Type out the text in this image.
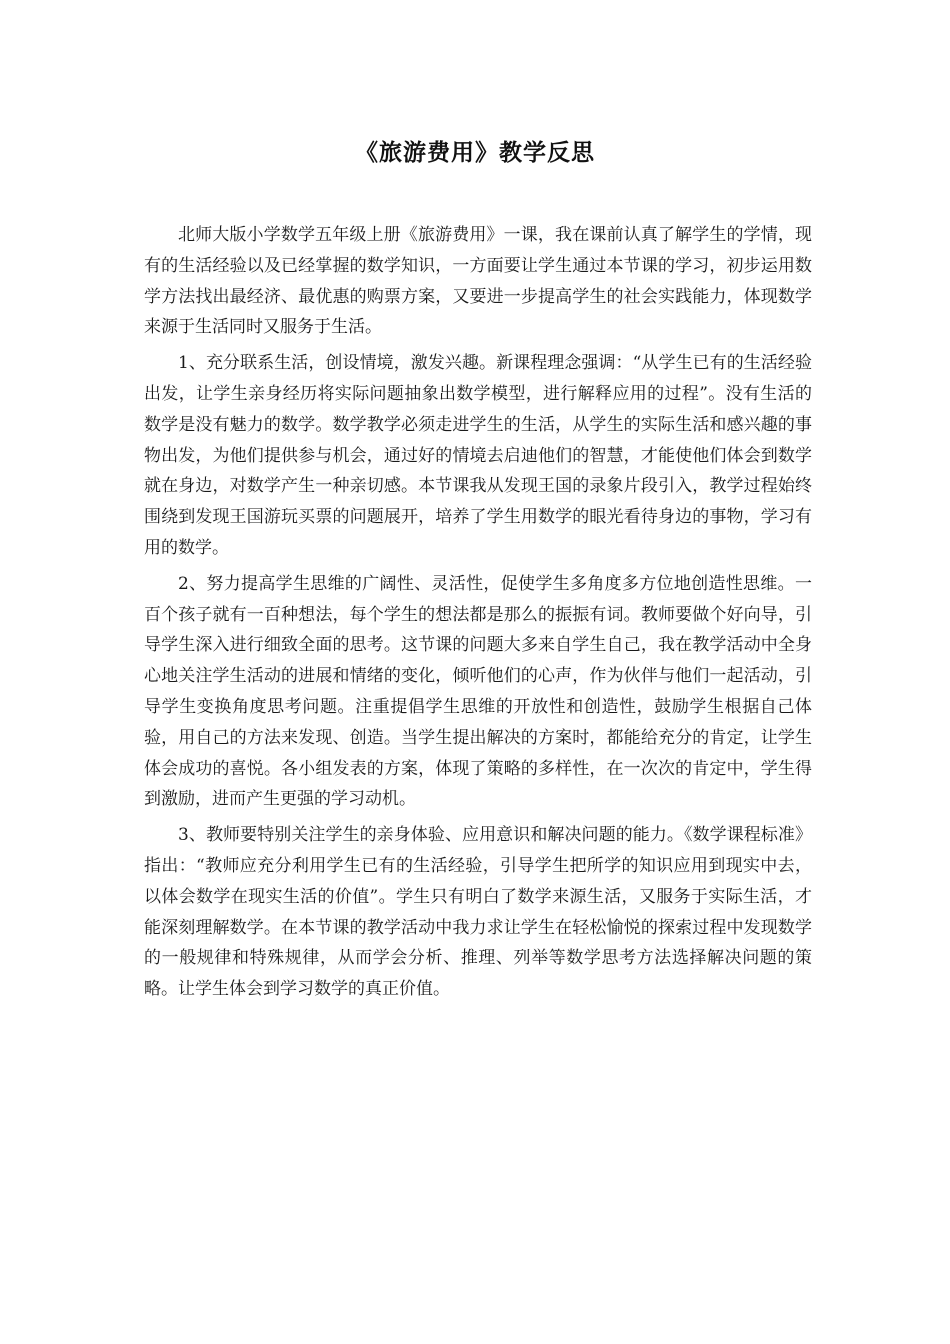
《旅游费用》教学反思

北师大版小学数学五年级上册《旅游费用》一课，我在课前认真了解学生的学情，现有的生活经验以及已经掌握的数学知识，一方面要让学生通过本节课的学习，初步运用数学方法找出最经济、最优惠的购票方案，又要进一步提高学生的社会实践能力，体现数学来源于生活同时又服务于生活。

1、充分联系生活，创设情境，激发兴趣。新课程理念强调：“从学生已有的生活经验出发，让学生亲身经历将实际问题抽象出数学模型，进行解释应用的过程”。没有生活的数学是没有魅力的数学。数学教学必须走进学生的生活，从学生的实际生活和感兴趣的事物出发，为他们提供参与机会，通过好的情境去启迪他们的智慧，才能使他们体会到数学就在身边，对数学产生一种亲切感。本节课我从发现王国的录象片段引入，教学过程始终围绕到发现王国游玩买票的问题展开，培养了学生用数学的眼光看待身边的事物，学习有用的数学。

2、努力提高学生思维的广阔性、灵活性，促使学生多角度多方位地创造性思维。一百个孩子就有一百种想法，每个学生的想法都是那么的振振有词。教师要做个好向导，引导学生深入进行细致全面的思考。这节课的问题大多来自学生自己，我在教学活动中全身心地关注学生活动的进展和情绪的变化，倾听他们的心声，作为伙伴与他们一起活动，引导学生变换角度思考问题。注重提倡学生思维的开放性和创造性，鼓励学生根据自己体验，用自己的方法来发现、创造。当学生提出解决的方案时，都能给充分的肯定，让学生体会成功的喜悦。各小组发表的方案，体现了策略的多样性，在一次次的肯定中，学生得到激励，进而产生更强的学习动机。

3、教师要特别关注学生的亲身体验、应用意识和解决问题的能力。《数学课程标准》指出：“教师应充分利用学生已有的生活经验，引导学生把所学的知识应用到现实中去，以体会数学在现实生活的价值”。学生只有明白了数学来源生活，又服务于实际生活，才能深刻理解数学。在本节课的教学活动中我力求让学生在轻松愉悦的探索过程中发现数学的一般规律和特殊规律，从而学会分析、推理、列举等数学思考方法选择解决问题的策略。让学生体会到学习数学的真正价值。
